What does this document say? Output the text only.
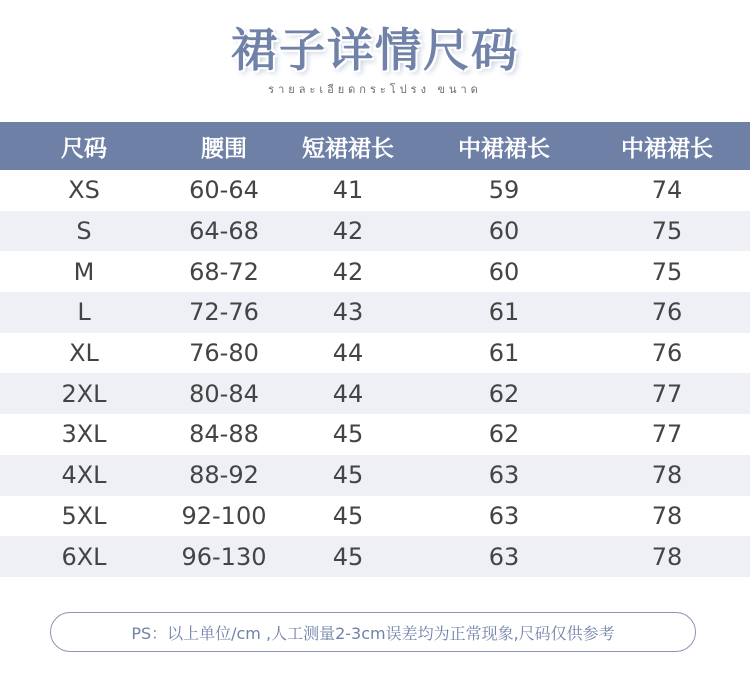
裙子详情尺码
รายละเอียดกระโปรง ขนาด
尺码	腰围	短裙裙长	中裙裙长	中裙裙长
XS	60-64	41	59	74
S	64-68	42	60	75
M	68-72	42	60	75
L	72-76	43	61	76
XL	76-80	44	61	76
2XL	80-84	44	62	77
3XL	84-88	45	62	77
4XL	88-92	45	63	78
5XL	92-100	45	63	78
6XL	96-130	45	63	78
PS：以上单位/cm ,人工测量2-3cm误差均为正常现象,尺码仅供参考
